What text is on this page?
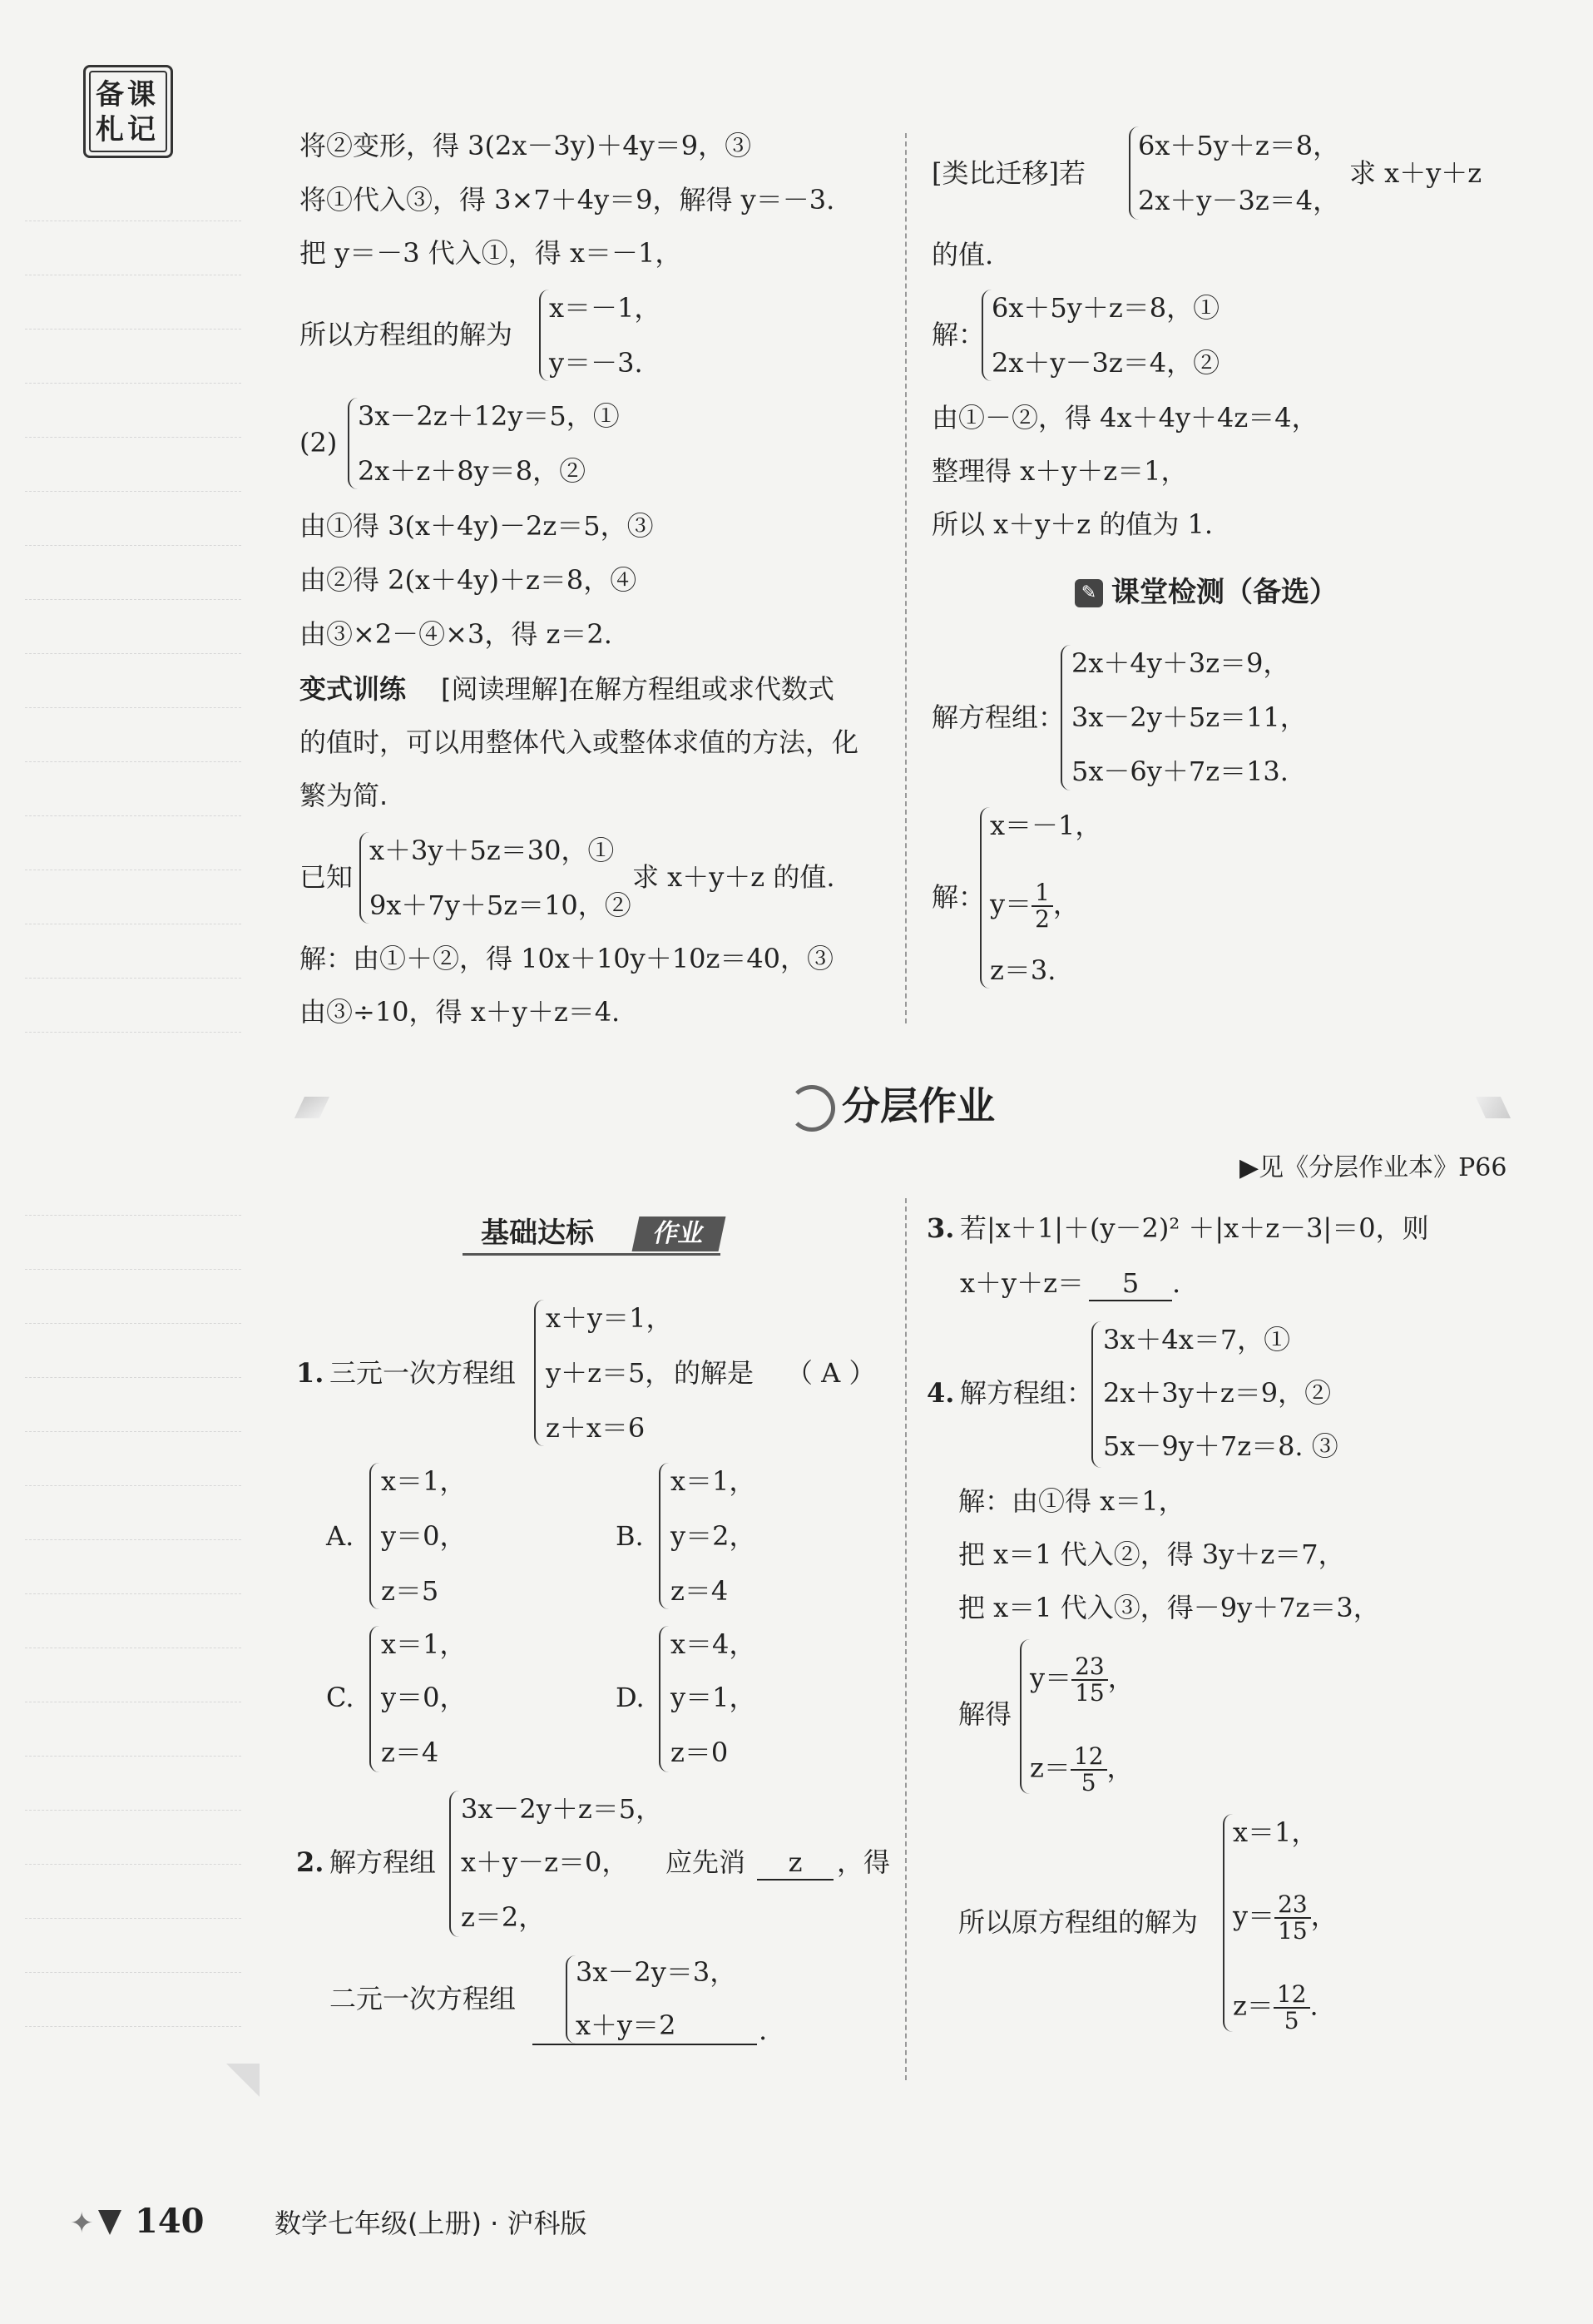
备课札记	将②变形，得 3(2x－3y)＋4y＝9，③
将①代入③，得 3×7＋4y＝9，解得 y＝－3.
把 y＝－3 代入①，得 x＝－1，
所以方程组的解为
x＝－1，
y＝－3.
(2)
3x－2z＋12y＝5，①
2x＋z＋8y＝8，②
由①得 3(x＋4y)－2z＝5，③
由②得 2(x＋4y)＋z＝8，④
由③×2－④×3，得 z＝2.
变式训练 [阅读理解]在解方程组或求代数式
的值时，可以用整体代入或整体求值的方法，化
繁为简.
已知
x＋3y＋5z＝30，①
9x＋7y＋5z＝10，②
求 x＋y＋z 的值.
解：由①＋②，得 10x＋10y＋10z＝40，③
由③÷10，得 x＋y＋z＝4.
[类比迁移]若
6x＋5y＋z＝8，
2x＋y－3z＝4，
求 x＋y＋z
的值.
解：
6x＋5y＋z＝8，①
2x＋y－3z＝4，②
由①－②，得 4x＋4y＋4z＝4，
整理得 x＋y＋z＝1，
所以 x＋y＋z 的值为 1.
✎ 课堂检测（备选）
解方程组：
2x＋4y＋3z＝9，
3x－2y＋5z＝11，
5x－6y＋7z＝13.
解：
x＝－1，
$y= \frac{1}{2}$ ，
z＝3.
分层作业
▶见《分层作业本》P66
基础达标	作业
1. 三元一次方程组
x＋y＝1，
y＋z＝5，
z＋x＝6
的解是 （ A ）
A.
x＝1，
y＝0，
z＝5
B.
x＝1，
y＝2，
z＝4
C.
x＝1，
y＝0，
z＝4
D.
x＝4，
y＝1，
z＝0
2. 解方程组
3x－2y＋z＝5，
x＋y－z＝0，
z＝2，
应先消	z	，得
二元一次方程组
3x－2y＝3，
x＋y＝2	.
3. 若|x＋1|＋(y－2)² ＋|x＋z－3|＝0，则
x＋y＋z＝ 5 .
4. 解方程组：
3x＋4x＝7，①
2x＋3y＋z＝9，②
5x－9y＋7z＝8. ③
解：由①得 x＝1，
把 x＝1 代入②，得 3y＋z＝7，
把 x＝1 代入③，得－9y＋7z＝3，
解得
$y= \frac{23}{15}$ ，
$z= \frac{12}{5}$ ，
所以原方程组的解为
x＝1，
$y= \frac{23}{15}$ ，
$z= \frac{12}{5}$ .
✦ 140	数学七年级(上册) · 沪科版
